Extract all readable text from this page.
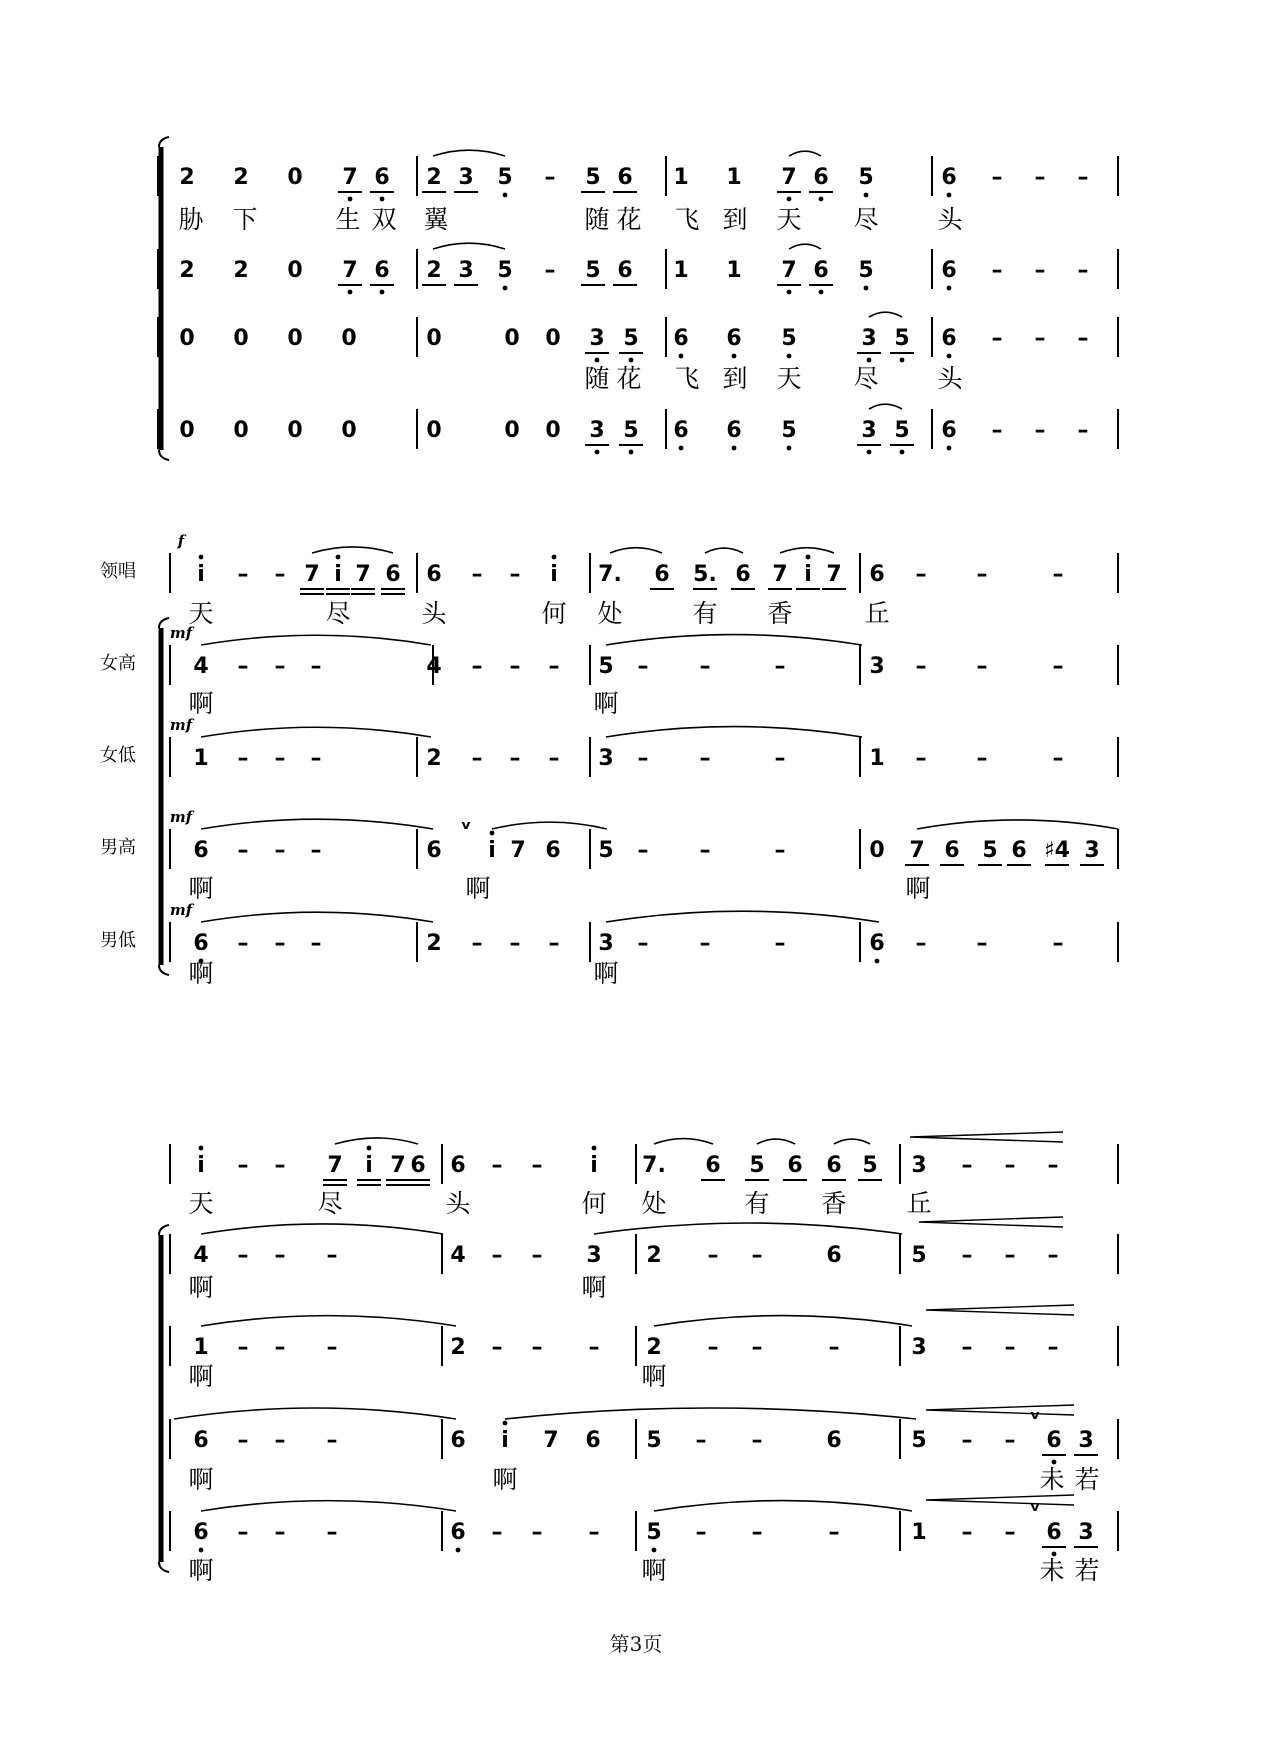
2 2 0 7 6 2 3 5 – 5 6 1 1 7 6 5	6 – – –
胁 下	生 双 翼	随 花 飞 到 天 尽 头
2 2 0 7 6 2 3 5 – 5 6 1 1 7 6 5	6 – – –
0 0 0 0	0	0 0 3 5 6 6 5	3 5 6 – – –
随 花 飞 到 天 尽 头
0 0 0 0	0	0 0 3 5 6 6 5	3 5 6 – – –
领唱
f
i – – 7 i 7 6 6 – – i 7. 6 5. 6 7 i 7 6 – –	–
天	尽	头	何 处	有 香	丘
女高
mf
4 – – –	4 – – – 5 – –	–	3 – –	–
啊	啊
女低
mf
1 – – –	2 – – – 3 – –	–	1 – –	–
男高
mf
6 – – –	6 i 7 6 5 – –	–	0 7 6 5 6 ♯4 3
ᵛ
啊	啊	啊
男低
mf
6 – – –	2 – – – 3 – –	–	6 – –	–
啊	啊
i – – 7 i 7 6 6 – – i 7. 6 5 6 6 5 3 – – –
天	尽	头	何 处	有 香 丘
4 – – –	4 – – 3 2 – –	6	5 – – –
啊	啊
1 – – –	2 – – – 2 – –	–	3 – – –
啊	啊
6 – – –	6 i 7 6 5 – –	6	5 – – 6 3
ᵛ
啊	啊	未 若
6 – – –	6 – – – 5 – –	–	1 – – 6 3
ᵛ
啊	啊	未 若
第3页
